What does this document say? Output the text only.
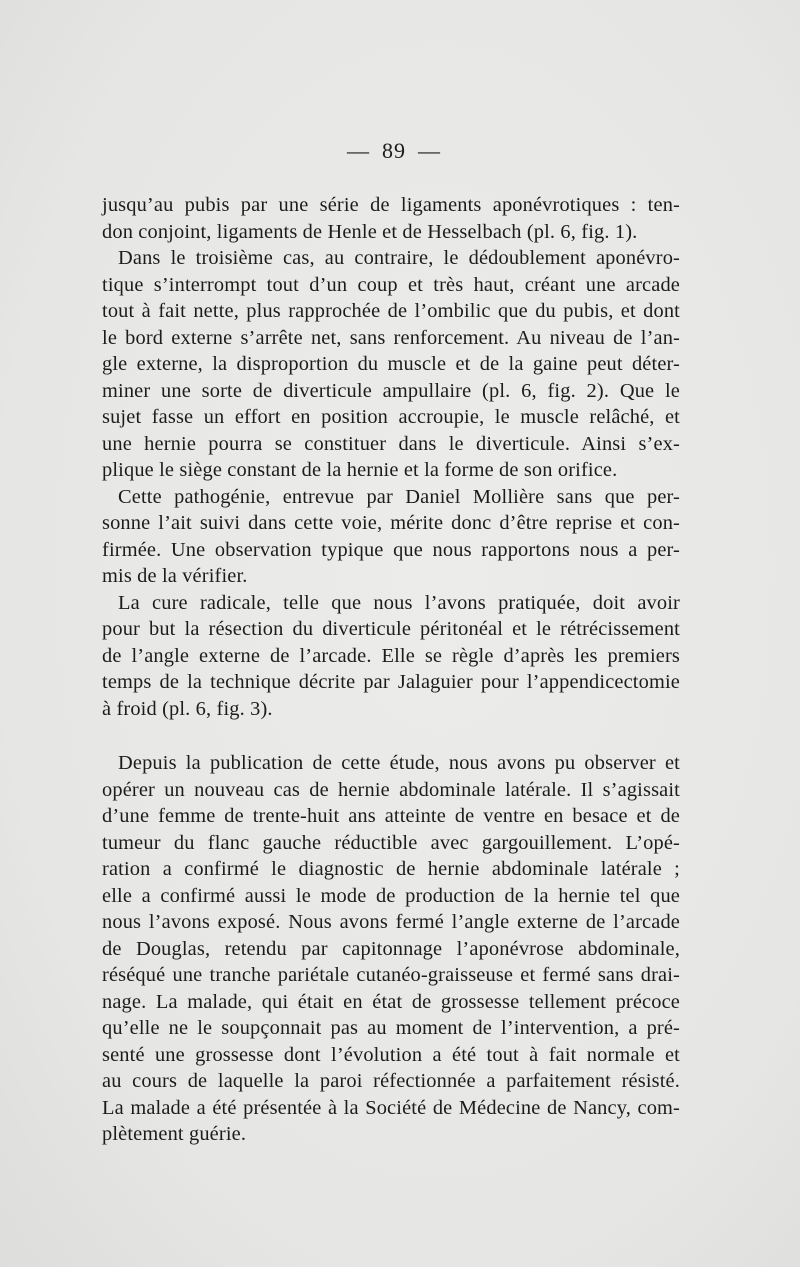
— 89 —
jusqu’au pubis par une série de ligaments aponévrotiques : ten-
don conjoint, ligaments de Henle et de Hesselbach (pl. 6, fig. 1).
Dans le troisième cas, au contraire, le dédoublement aponévro-
tique s’interrompt tout d’un coup et très haut, créant une arcade
tout à fait nette, plus rapprochée de l’ombilic que du pubis, et dont
le bord externe s’arrête net, sans renforcement. Au niveau de l’an-
gle externe, la disproportion du muscle et de la gaine peut déter-
miner une sorte de diverticule ampullaire (pl. 6, fig. 2). Que le
sujet fasse un effort en position accroupie, le muscle relâché, et
une hernie pourra se constituer dans le diverticule. Ainsi s’ex-
plique le siège constant de la hernie et la forme de son orifice.
Cette pathogénie, entrevue par Daniel Mollière sans que per-
sonne l’ait suivi dans cette voie, mérite donc d’être reprise et con-
firmée. Une observation typique que nous rapportons nous a per-
mis de la vérifier.
La cure radicale, telle que nous l’avons pratiquée, doit avoir
pour but la résection du diverticule péritonéal et le rétrécissement
de l’angle externe de l’arcade. Elle se règle d’après les premiers
temps de la technique décrite par Jalaguier pour l’appendicectomie
à froid (pl. 6, fig. 3).
Depuis la publication de cette étude, nous avons pu observer et
opérer un nouveau cas de hernie abdominale latérale. Il s’agissait
d’une femme de trente-huit ans atteinte de ventre en besace et de
tumeur du flanc gauche réductible avec gargouillement. L’opé-
ration a confirmé le diagnostic de hernie abdominale latérale ;
elle a confirmé aussi le mode de production de la hernie tel que
nous l’avons exposé. Nous avons fermé l’angle externe de l’arcade
de Douglas, retendu par capitonnage l’aponévrose abdominale,
réséqué une tranche pariétale cutanéo-graisseuse et fermé sans drai-
nage. La malade, qui était en état de grossesse tellement précoce
qu’elle ne le soupçonnait pas au moment de l’intervention, a pré-
senté une grossesse dont l’évolution a été tout à fait normale et
au cours de laquelle la paroi réfectionnée a parfaitement résisté.
La malade a été présentée à la Société de Médecine de Nancy, com-
plètement guérie.
